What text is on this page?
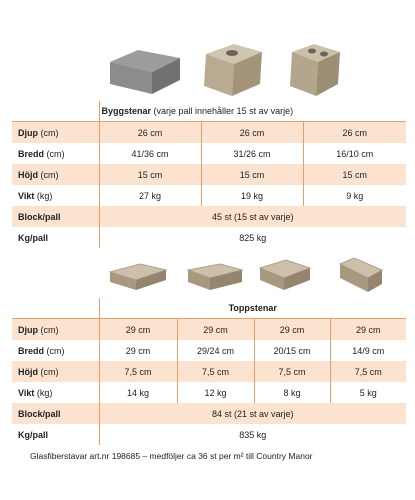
	Byggstenar (varje pall innehåller 15 st av varje)		
Djup (cm)	26 cm	26 cm	26 cm
Bredd (cm)	41/36 cm	31/26 cm	16/10 cm
Höjd (cm)	15 cm	15 cm	15 cm
Vikt (kg)	27 kg	19 kg	9 kg
Block/pall	45 st (15 st av varje)		
Kg/pall	825 kg		
	Toppstenar			
Djup (cm)	29 cm	29 cm	29 cm	29 cm
Bredd (cm)	29 cm	29/24 cm	20/15 cm	14/9 cm
Höjd (cm)	7,5 cm	7,5 cm	7,5 cm	7,5 cm
Vikt (kg)	14 kg	12 kg	8 kg	5 kg
Block/pall	84 st (21 st av varje)			
Kg/pall	835 kg			
Glasfiberstavar art.nr 198685 – medföljer ca 36 st per m² till Country Manor
